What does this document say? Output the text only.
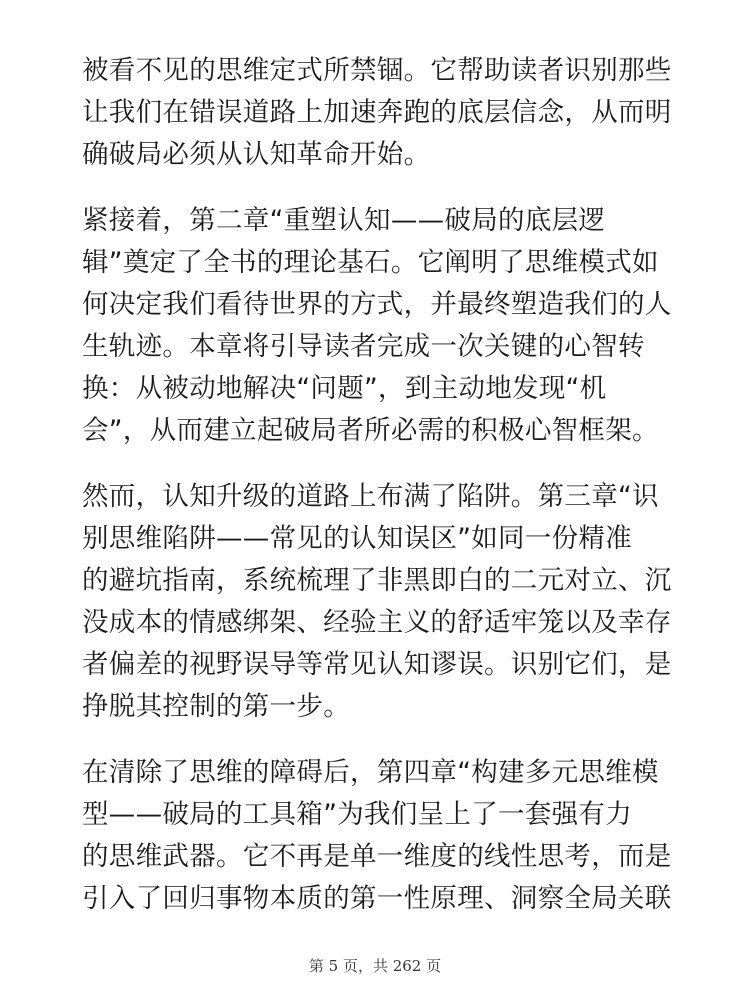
被看不见的思维定式所禁锢。它帮助读者识别那些
让我们在错误道路上加速奔跑的底层信念，从而明
确破局必须从认知革命开始。
紧接着，第二章“重塑认知——破局的底层逻
辑”奠定了全书的理论基石。它阐明了思维模式如
何决定我们看待世界的方式，并最终塑造我们的人
生轨迹。本章将引导读者完成一次关键的心智转
换：从被动地解决“问题”，到主动地发现“机
会”，从而建立起破局者所必需的积极心智框架。
然而，认知升级的道路上布满了陷阱。第三章“识
别思维陷阱——常见的认知误区”如同一份精准
的避坑指南，系统梳理了非黑即白的二元对立、沉
没成本的情感绑架、经验主义的舒适牢笼以及幸存
者偏差的视野误导等常见认知谬误。识别它们，是
挣脱其控制的第一步。
在清除了思维的障碍后，第四章“构建多元思维模
型——破局的工具箱”为我们呈上了一套强有力
的思维武器。它不再是单一维度的线性思考，而是
引入了回归事物本质的第一性原理、洞察全局关联
第 5 页，共 262 页
